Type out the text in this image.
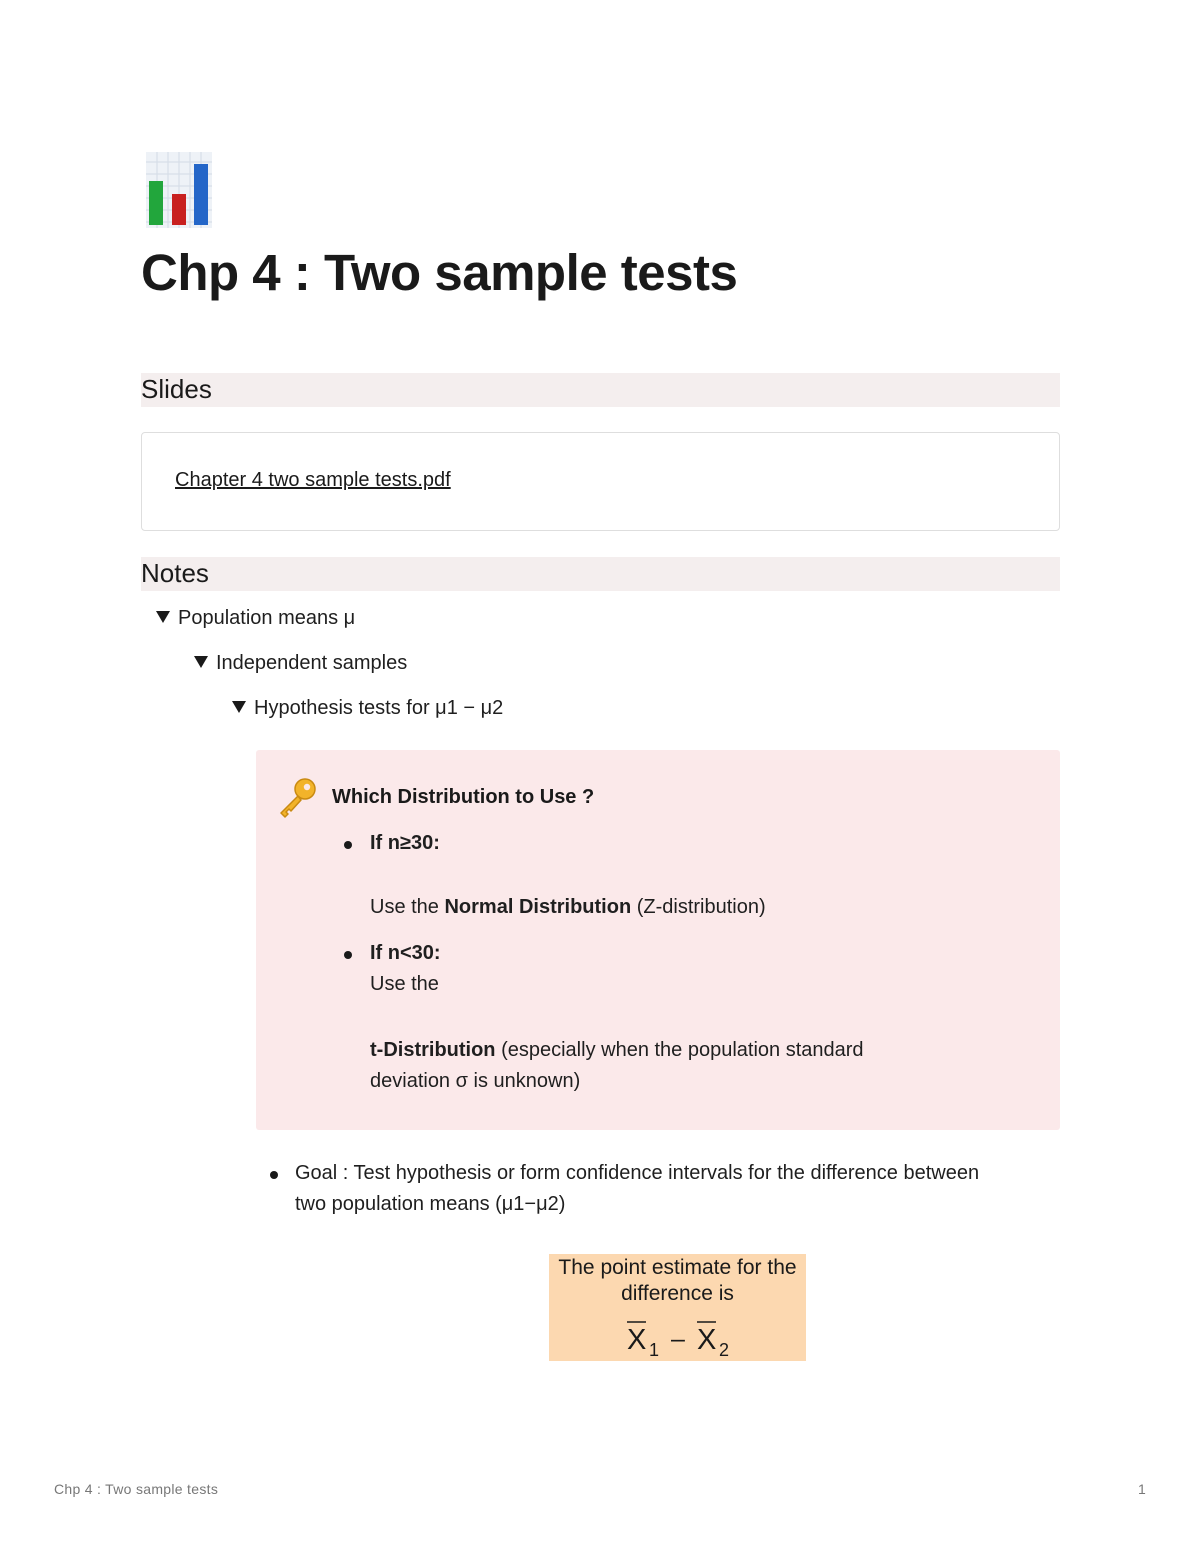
Chp 4 : Two sample tests
Slides
Chapter 4 two sample tests.pdf
Notes
Population means μ
Independent samples
Hypothesis tests for μ1 − μ2
Which Distribution to Use ?
If n≥30:
Use the Normal Distribution (Z-distribution)
If n<30:
Use the
t-Distribution (especially when the population standard
deviation σ is unknown)
Goal : Test hypothesis or form confidence intervals for the difference between two population means (μ1−μ2)
The point estimate for the
difference is
X 1 – X 2
Chp 4 : Two sample tests	1
